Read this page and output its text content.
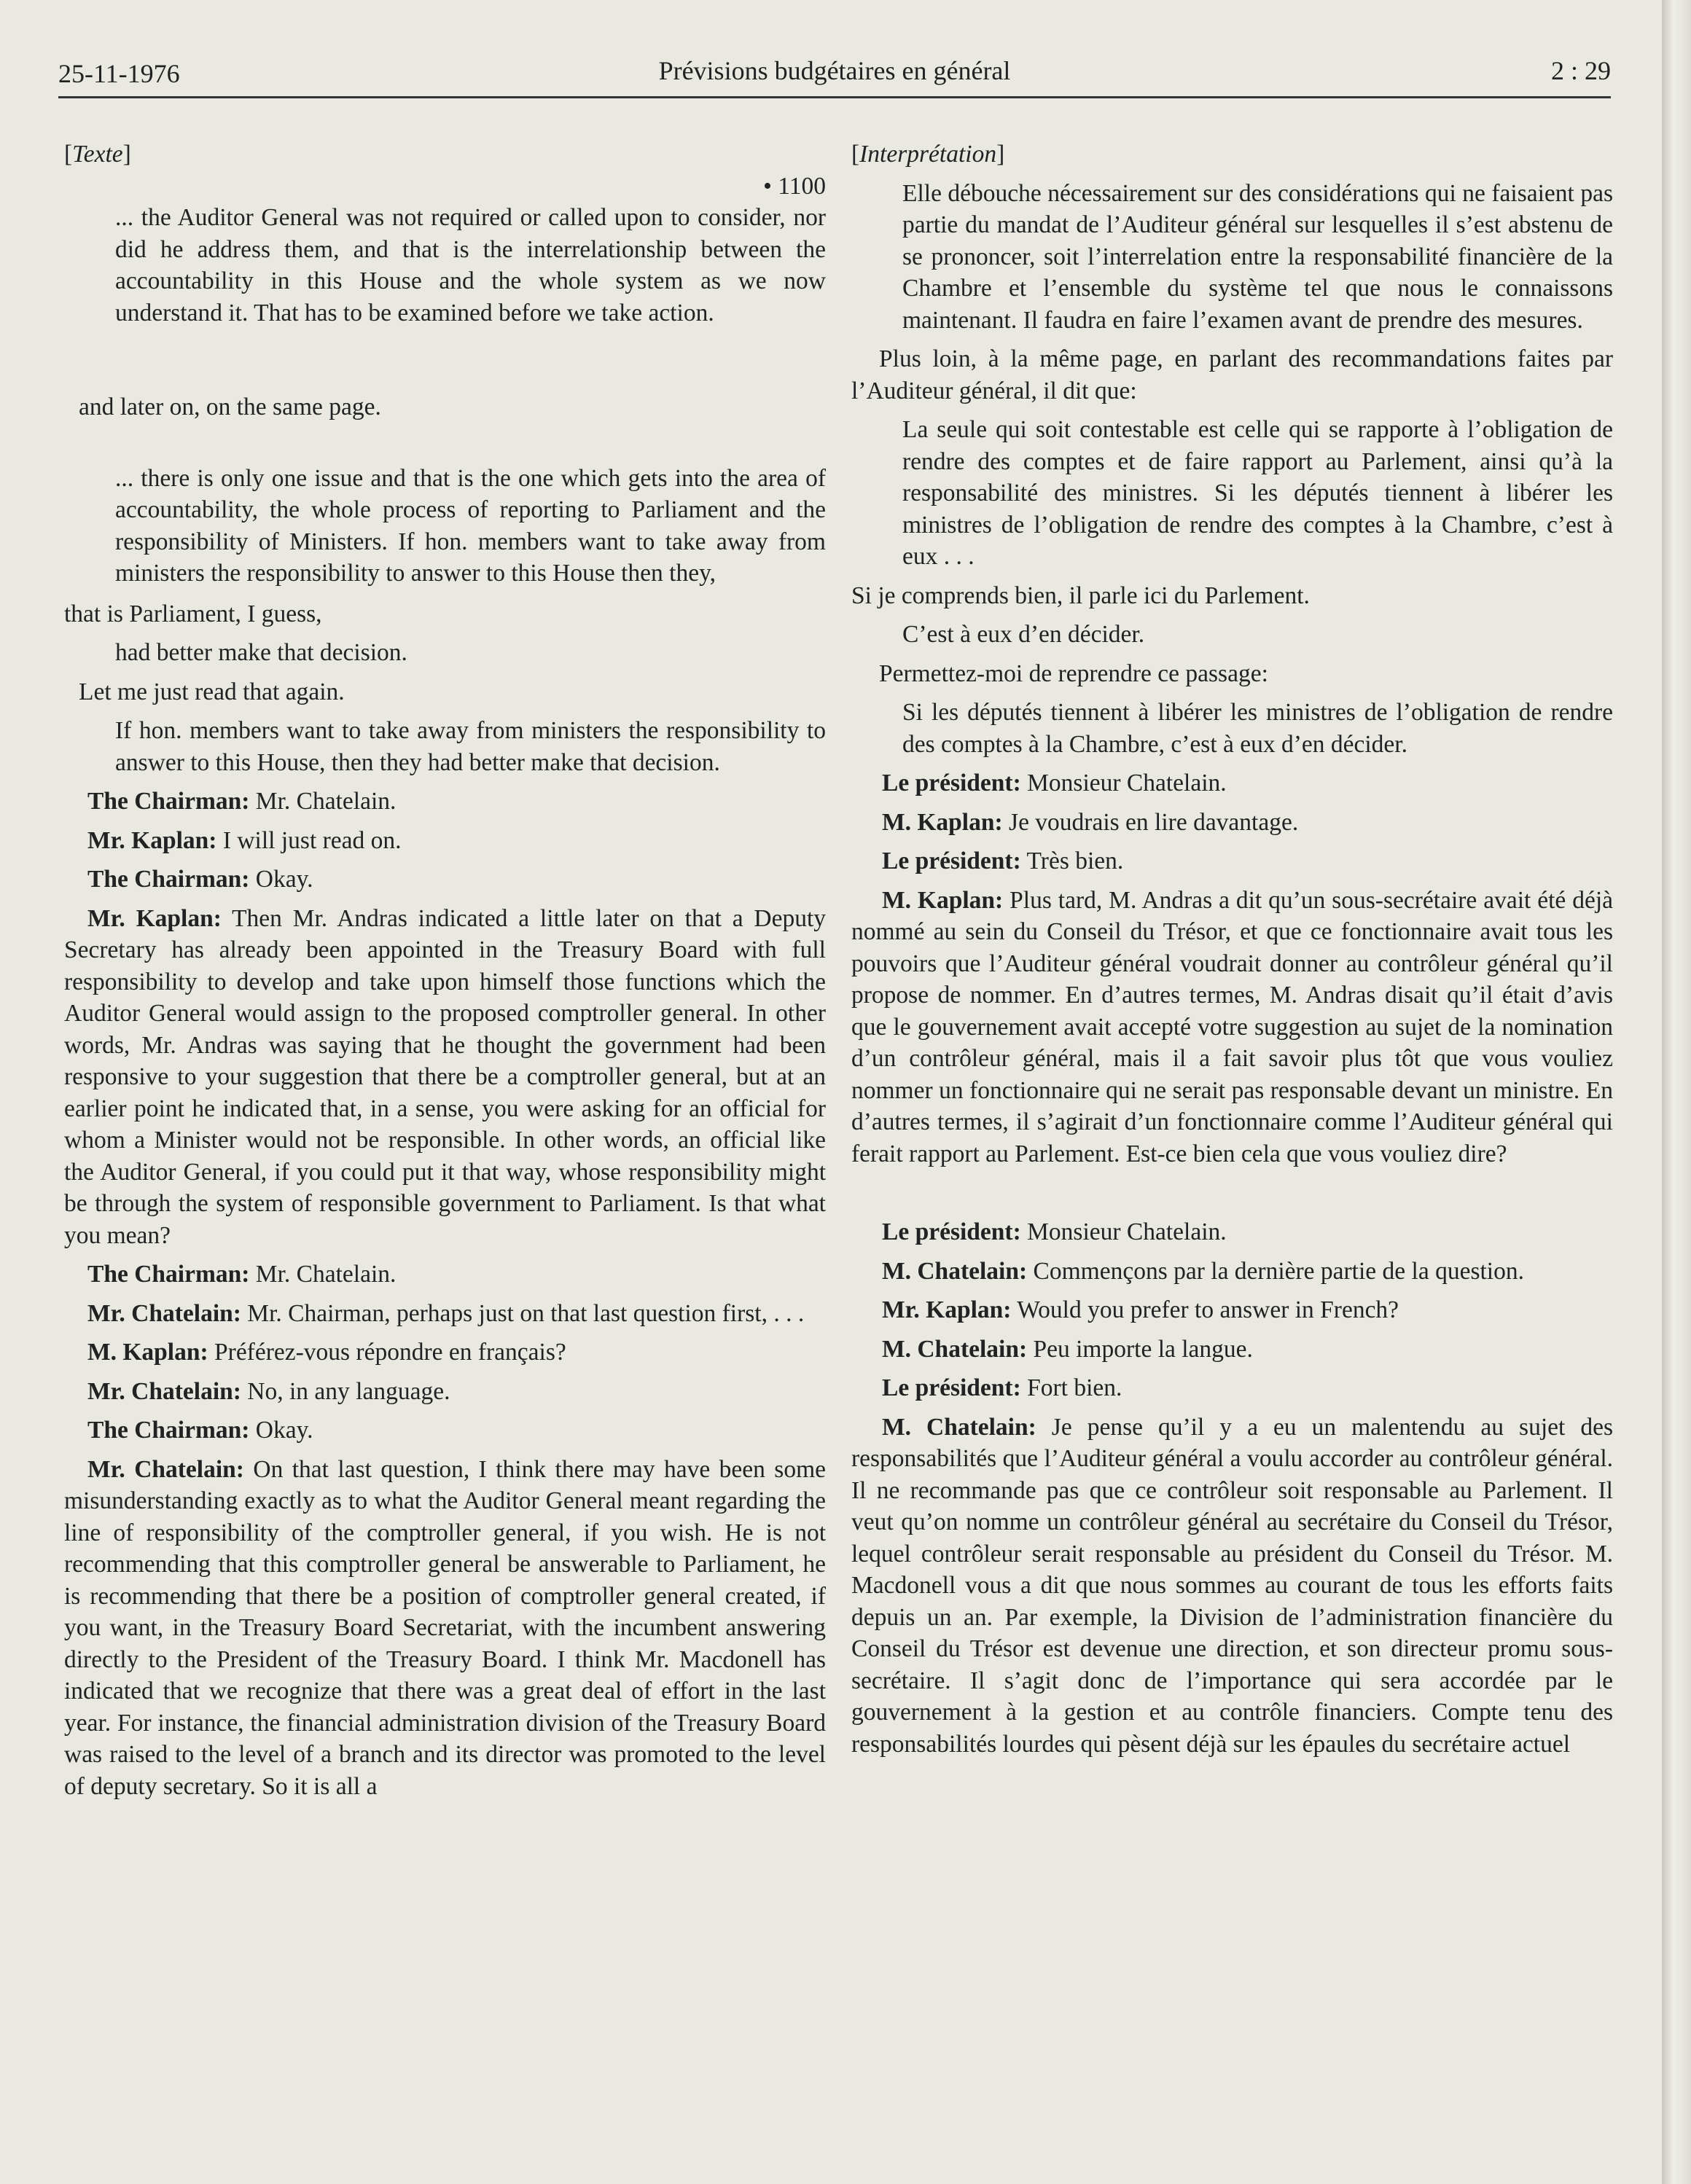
25-11-1976	Prévisions budgétaires en général	2 : 29

[Texte]

• 1100

... the Auditor General was not required or called upon to consider, nor did he address them, and that is the interrelationship between the accountability in this House and the whole system as we now understand it. That has to be examined before we take action.

and later on, on the same page.

... there is only one issue and that is the one which gets into the area of accountability, the whole process of reporting to Parliament and the responsibility of Ministers. If hon. members want to take away from ministers the responsibility to answer to this House then they,

that is Parliament, I guess,

had better make that decision.

Let me just read that again.

If hon. members want to take away from ministers the responsibility to answer to this House, then they had better make that decision.

The Chairman: Mr. Chatelain.

Mr. Kaplan: I will just read on.

The Chairman: Okay.

Mr. Kaplan: Then Mr. Andras indicated a little later on that a Deputy Secretary has already been appointed in the Treasury Board with full responsibility to develop and take upon himself those functions which the Auditor General would assign to the proposed comptroller general. In other words, Mr. Andras was saying that he thought the government had been responsive to your suggestion that there be a comptroller general, but at an earlier point he indicated that, in a sense, you were asking for an official for whom a Minister would not be responsible. In other words, an official like the Auditor General, if you could put it that way, whose responsibility might be through the system of responsible government to Parliament. Is that what you mean?

The Chairman: Mr. Chatelain.

Mr. Chatelain: Mr. Chairman, perhaps just on that last question first, . . .

M. Kaplan: Préférez-vous répondre en français?

Mr. Chatelain: No, in any language.

The Chairman: Okay.

Mr. Chatelain: On that last question, I think there may have been some misunderstanding exactly as to what the Auditor General meant regarding the line of responsibility of the comptroller general, if you wish. He is not recommending that this comptroller general be answerable to Parliament, he is recommending that there be a position of comptroller general created, if you want, in the Treasury Board Secretariat, with the incumbent answering directly to the President of the Treasury Board. I think Mr. Macdonell has indicated that we recognize that there was a great deal of effort in the last year. For instance, the financial administration division of the Treasury Board was raised to the level of a branch and its director was promoted to the level of deputy secretary. So it is all a

[Interprétation]

Elle débouche nécessairement sur des considérations qui ne faisaient pas partie du mandat de l’Auditeur général sur lesquelles il s’est abstenu de se prononcer, soit l’interrelation entre la responsabilité financière de la Chambre et l’ensemble du système tel que nous le connaissons maintenant. Il faudra en faire l’examen avant de prendre des mesures.

Plus loin, à la même page, en parlant des recommandations faites par l’Auditeur général, il dit que:

La seule qui soit contestable est celle qui se rapporte à l’obligation de rendre des comptes et de faire rapport au Parlement, ainsi qu’à la responsabilité des ministres. Si les députés tiennent à libérer les ministres de l’obligation de rendre des comptes à la Chambre, c’est à eux . . .

Si je comprends bien, il parle ici du Parlement.

C’est à eux d’en décider.

Permettez-moi de reprendre ce passage:

Si les députés tiennent à libérer les ministres de l’obligation de rendre des comptes à la Chambre, c’est à eux d’en décider.

Le président: Monsieur Chatelain.

M. Kaplan: Je voudrais en lire davantage.

Le président: Très bien.

M. Kaplan: Plus tard, M. Andras a dit qu’un sous-secrétaire avait été déjà nommé au sein du Conseil du Trésor, et que ce fonctionnaire avait tous les pouvoirs que l’Auditeur général voudrait donner au contrôleur général qu’il propose de nommer. En d’autres termes, M. Andras disait qu’il était d’avis que le gouvernement avait accepté votre suggestion au sujet de la nomination d’un contrôleur général, mais il a fait savoir plus tôt que vous vouliez nommer un fonctionnaire qui ne serait pas responsable devant un ministre. En d’autres termes, il s’agirait d’un fonctionnaire comme l’Auditeur général qui ferait rapport au Parlement. Est-ce bien cela que vous vouliez dire?

Le président: Monsieur Chatelain.

M. Chatelain: Commençons par la dernière partie de la question.

Mr. Kaplan: Would you prefer to answer in French?

M. Chatelain: Peu importe la langue.

Le président: Fort bien.

M. Chatelain: Je pense qu’il y a eu un malentendu au sujet des responsabilités que l’Auditeur général a voulu accorder au contrôleur général. Il ne recommande pas que ce contrôleur soit responsable au Parlement. Il veut qu’on nomme un contrôleur général au secrétaire du Conseil du Trésor, lequel contrôleur serait responsable au président du Conseil du Trésor. M. Macdonell vous a dit que nous sommes au courant de tous les efforts faits depuis un an. Par exemple, la Division de l’administration financière du Conseil du Trésor est devenue une direction, et son directeur promu sous-secrétaire. Il s’agit donc de l’importance qui sera accordée par le gouvernement à la gestion et au contrôle financiers. Compte tenu des responsabilités lourdes qui pèsent déjà sur les épaules du secrétaire actuel
